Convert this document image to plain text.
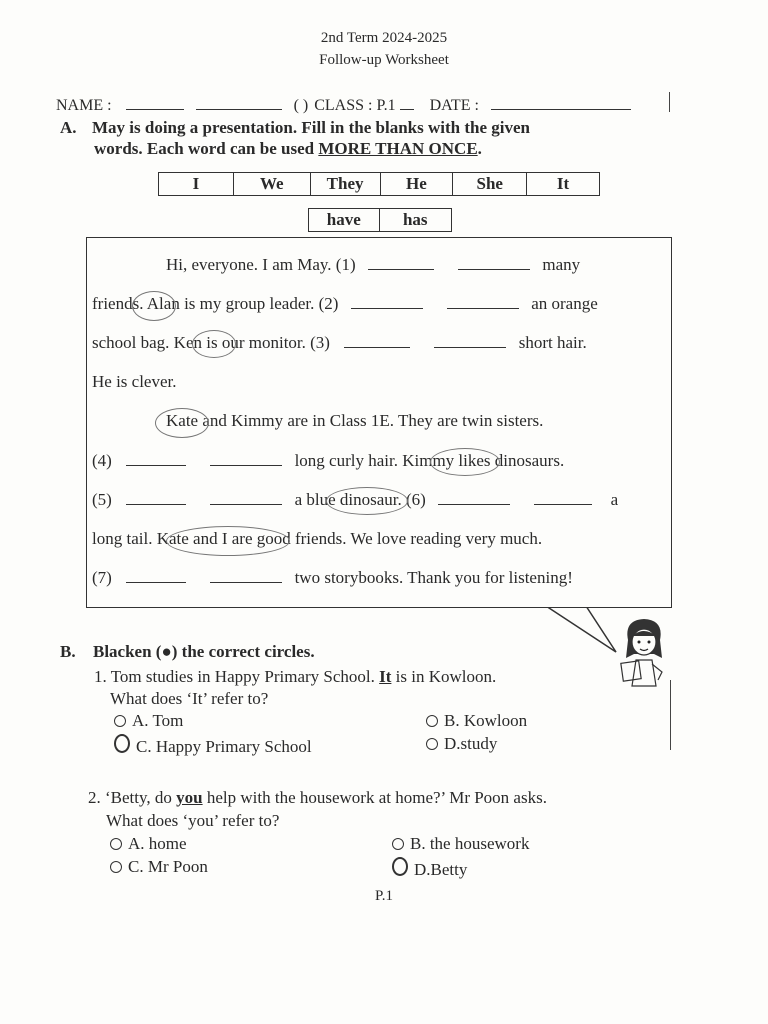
2nd Term 2024-2025
Follow-up Worksheet
NAME :	( ) CLASS : P.1 DATE :
A. May is doing a presentation. Fill in the blanks with the given
words. Each word can be used MORE THAN ONCE.
I	We	They	He	She	It
have	has
Hi, everyone. I am May. (1)	many
friends. Alan is my group leader. (2)	an orange
school bag. Ken is our monitor. (3)	short hair.
He is clever.
Kate and Kimmy are in Class 1E. They are twin sisters.
(4)	long curly hair. Kimmy likes dinosaurs.
(5)	a blue dinosaur. (6)	a
long tail. Kate and I are good friends. We love reading very much.
(7)	two storybooks. Thank you for listening!
B. Blacken (●) the correct circles.
1. Tom studies in Happy Primary School. It is in Kowloon.
What does ‘It’ refer to?
A. Tom	B. Kowloon
C. Happy Primary School	D.study
2. ‘Betty, do you help with the housework at home?’ Mr Poon asks.
What does ‘you’ refer to?
A. home	B. the housework
C. Mr Poon	D.Betty
P.1
